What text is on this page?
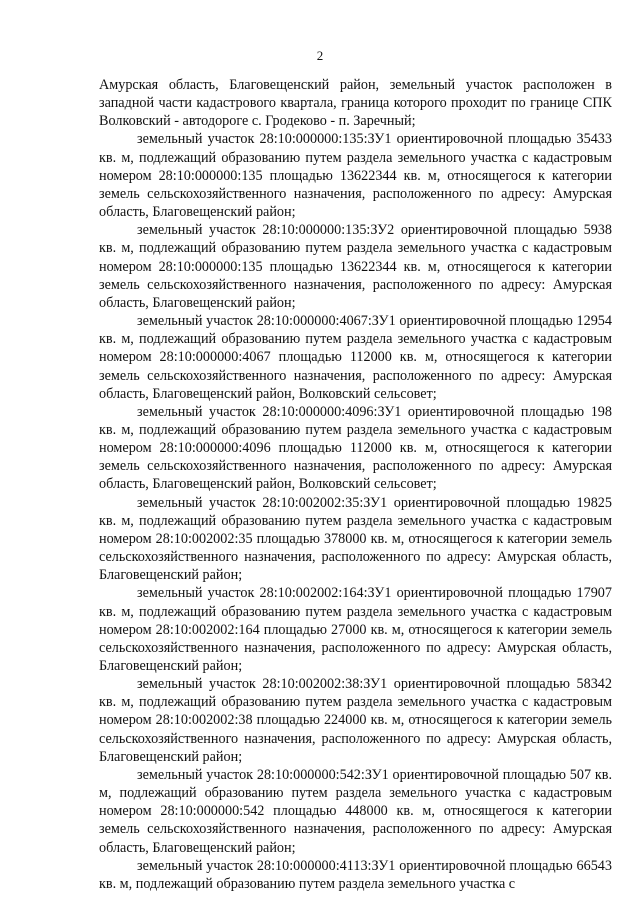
2

Амурская область, Благовещенский район, земельный участок расположен в западной части кадастрового квартала, граница которого проходит по границе СПК Волковский - автодороге с. Гродеково - п. Заречный;

земельный участок 28:10:000000:135:ЗУ1 ориентировочной площадью 35433 кв. м, подлежащий образованию путем раздела земельного участка с кадастровым номером 28:10:000000:135 площадью 13622344 кв. м, относящегося к категории земель сельскохозяйственного назначения, расположенного по адресу: Амурская область, Благовещенский район;

земельный участок 28:10:000000:135:ЗУ2 ориентировочной площадью 5938 кв. м, подлежащий образованию путем раздела земельного участка с кадастровым номером 28:10:000000:135 площадью 13622344 кв. м, относящегося к категории земель сельскохозяйственного назначения, расположенного по адресу: Амурская область, Благовещенский район;

земельный участок 28:10:000000:4067:ЗУ1 ориентировочной площадью 12954 кв. м, подлежащий образованию путем раздела земельного участка с кадастровым номером 28:10:000000:4067 площадью 112000 кв. м, относящегося к категории земель сельскохозяйственного назначения, расположенного по адресу: Амурская область, Благовещенский район, Волковский сельсовет;

земельный участок 28:10:000000:4096:ЗУ1 ориентировочной площадью 198 кв. м, подлежащий образованию путем раздела земельного участка с кадастровым номером 28:10:000000:4096 площадью 112000 кв. м, относящегося к категории земель сельскохозяйственного назначения, расположенного по адресу: Амурская область, Благовещенский район, Волковский сельсовет;

земельный участок 28:10:002002:35:ЗУ1 ориентировочной площадью 19825 кв. м, подлежащий образованию путем раздела земельного участка с кадастровым номером 28:10:002002:35 площадью 378000 кв. м, относящегося к категории земель сельскохозяйственного назначения, расположенного по адресу: Амурская область, Благовещенский район;

земельный участок 28:10:002002:164:ЗУ1 ориентировочной площадью 17907 кв. м, подлежащий образованию путем раздела земельного участка с кадастровым номером 28:10:002002:164 площадью 27000 кв. м, относящегося к категории земель сельскохозяйственного назначения, расположенного по адресу: Амурская область, Благовещенский район;

земельный участок 28:10:002002:38:ЗУ1 ориентировочной площадью 58342 кв. м, подлежащий образованию путем раздела земельного участка с кадастровым номером 28:10:002002:38 площадью 224000 кв. м, относящегося к категории земель сельскохозяйственного назначения, расположенного по адресу: Амурская область, Благовещенский район;

земельный участок 28:10:000000:542:ЗУ1 ориентировочной площадью 507 кв. м, подлежащий образованию путем раздела земельного участка с кадастровым номером 28:10:000000:542 площадью 448000 кв. м, относящегося к категории земель сельскохозяйственного назначения, расположенного по адресу: Амурская область, Благовещенский район;

земельный участок 28:10:000000:4113:ЗУ1 ориентировочной площадью 66543 кв. м, подлежащий образованию путем раздела земельного участка с
